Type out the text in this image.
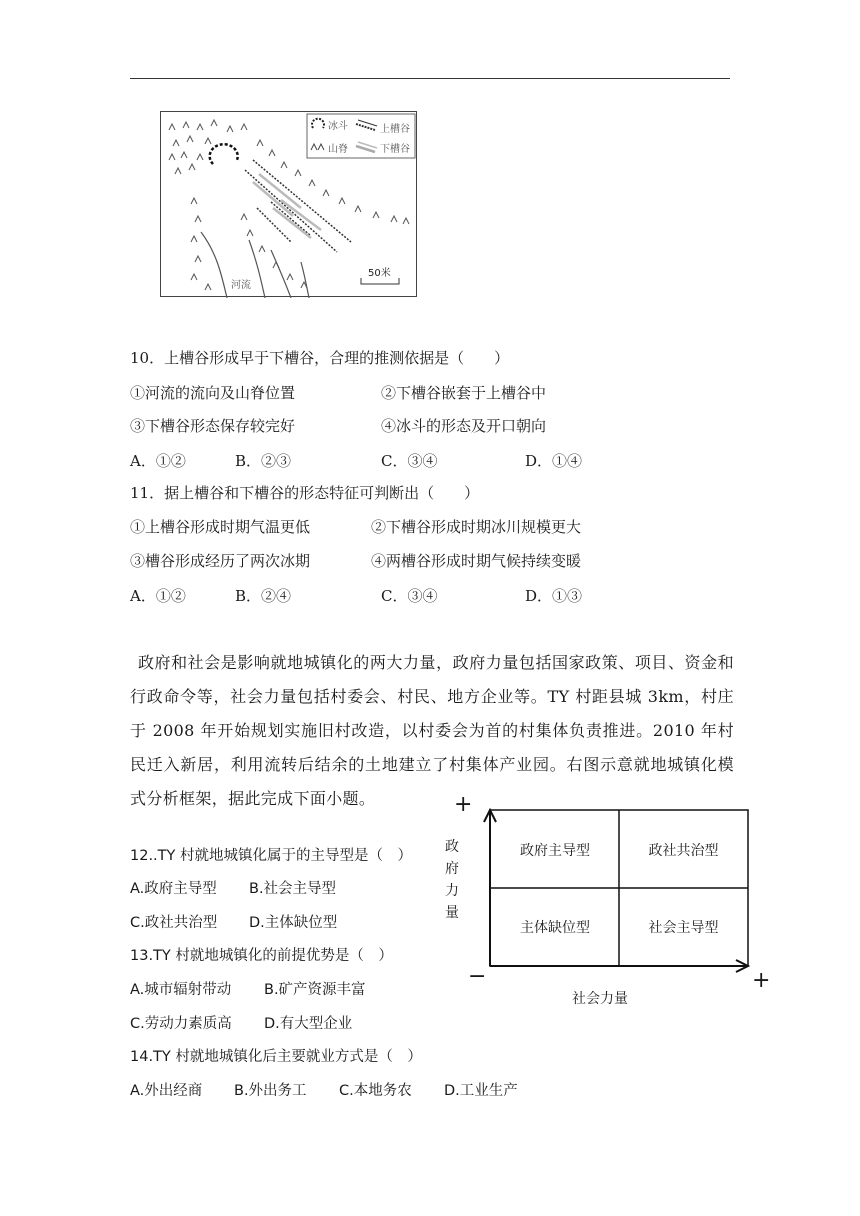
冰斗	上槽谷
山脊	下槽谷
河流
50米
10．上槽谷形成早于下槽谷，合理的推测依据是（　　）
①河流的流向及山脊位置	②下槽谷嵌套于上槽谷中
③下槽谷形态保存较完好	④冰斗的形态及开口朝向
A．①②	B．②③	C．③④	D．①④
11．据上槽谷和下槽谷的形态特征可判断出（　　）
①上槽谷形成时期气温更低	②下槽谷形成时期冰川规模更大
③槽谷形成经历了两次冰期	④两槽谷形成时期气候持续变暖
A．①②	B．②④	C．③④	D．①③
政府和社会是影响就地城镇化的两大力量，政府力量包括国家政策、项目、资金和行政命令等，社会力量包括村委会、村民、地方企业等。TY 村距县城 3km，村庄于 2008 年开始规划实施旧村改造，以村委会为首的村集体负责推进。2010 年村民迁入新居，利用流转后结余的土地建立了村集体产业园。右图示意就地城镇化模式分析框架，据此完成下面小题。
12..TY 村就地城镇化属于的主导型是（　）
A.政府主导型 B.社会主导型
C.政社共治型 D.主体缺位型
13.TY 村就地城镇化的前提优势是（　）
A.城市辐射带动 B.矿产资源丰富
C.劳动力素质高 D.有大型企业
14.TY 村就地城镇化后主要就业方式是（　）
A.外出经商 B.外出务工 C.本地务农 D.工业生产
政府主导型	政社共治型
主体缺位型	社会主导型
政府力量
社会力量
+
−	+
